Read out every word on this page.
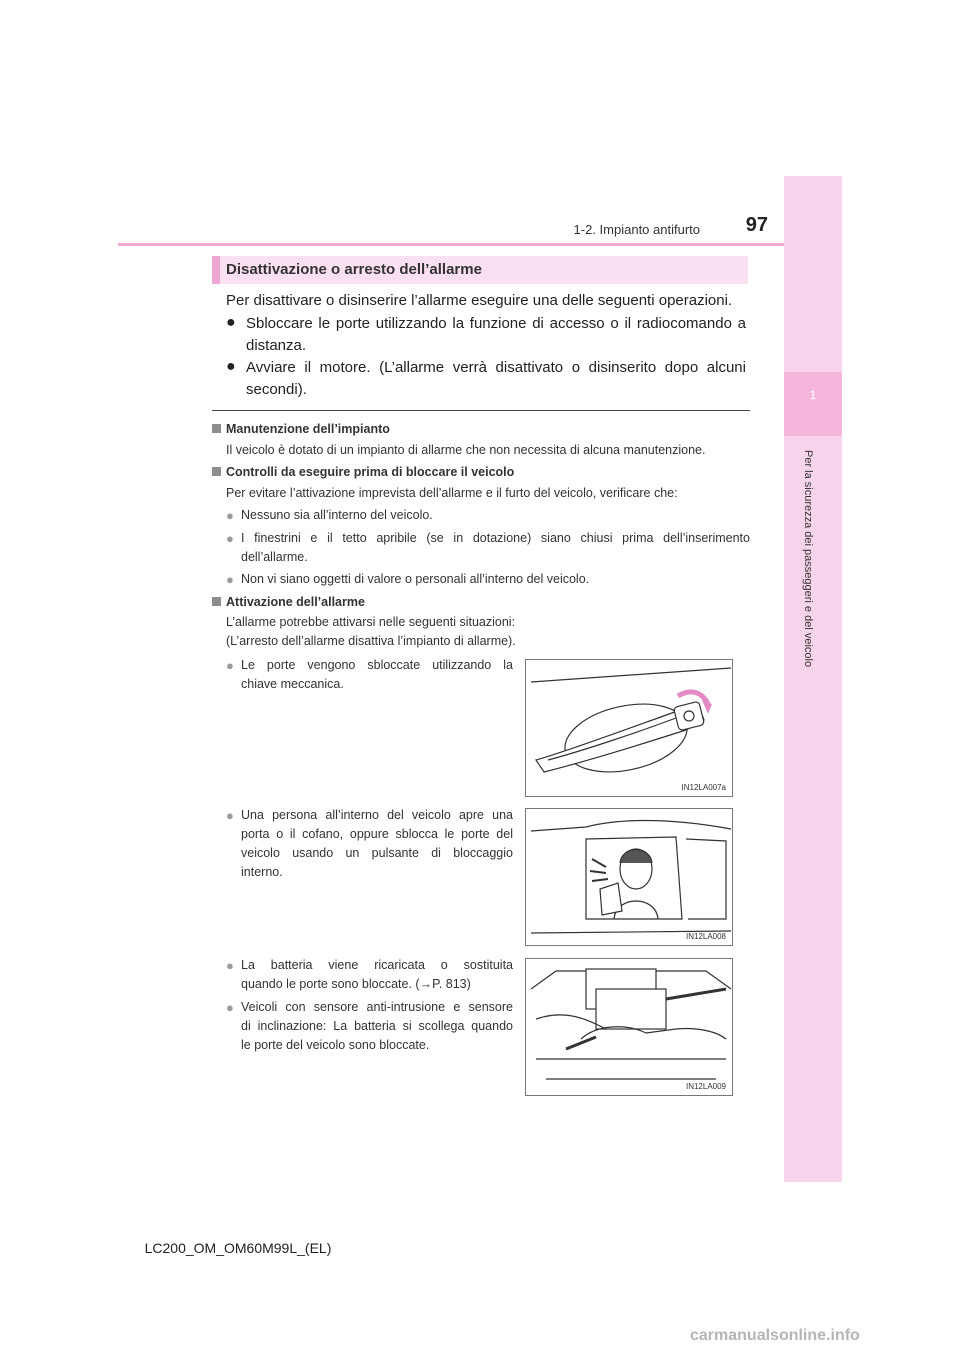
1-2. Impianto antifurto	97
1
Per la sicurezza dei passeggeri e del veicolo
Disattivazione o arresto dell’allarme
Per disattivare o disinserire l’allarme eseguire una delle seguenti operazioni.
● Sbloccare le porte utilizzando la funzione di accesso o il radiocomando a
distanza.
● Avviare il motore. (L’allarme verrà disattivato o disinserito dopo alcuni
secondi).
Manutenzione dell’impianto
Il veicolo è dotato di un impianto di allarme che non necessita di alcuna manutenzione.
Controlli da eseguire prima di bloccare il veicolo
Per evitare l’attivazione imprevista dell’allarme e il furto del veicolo, verificare che:
● Nessuno sia all’interno del veicolo.
● I finestrini e il tetto apribile (se in dotazione) siano chiusi prima dell’inserimento
dell’allarme.
● Non vi siano oggetti di valore o personali all’interno del veicolo.
Attivazione dell’allarme
L’allarme potrebbe attivarsi nelle seguenti situazioni:
(L’arresto dell’allarme disattiva l’impianto di allarme).
● Le porte vengono sbloccate utilizzando la
chiave meccanica.
● Una persona all’interno del veicolo apre una
porta o il cofano, oppure sblocca le porte del
veicolo usando un pulsante di bloccaggio
interno.
● La batteria viene ricaricata o sostituita
quando le porte sono bloccate. (→P. 813)
● Veicoli con sensore anti-intrusione e sensore
di inclinazione: La batteria si scollega quando
le porte del veicolo sono bloccate.
IN12LA007a
IN12LA008
IN12LA009
LC200_OM_OM60M99L_(EL)
carmanualsonline.info
